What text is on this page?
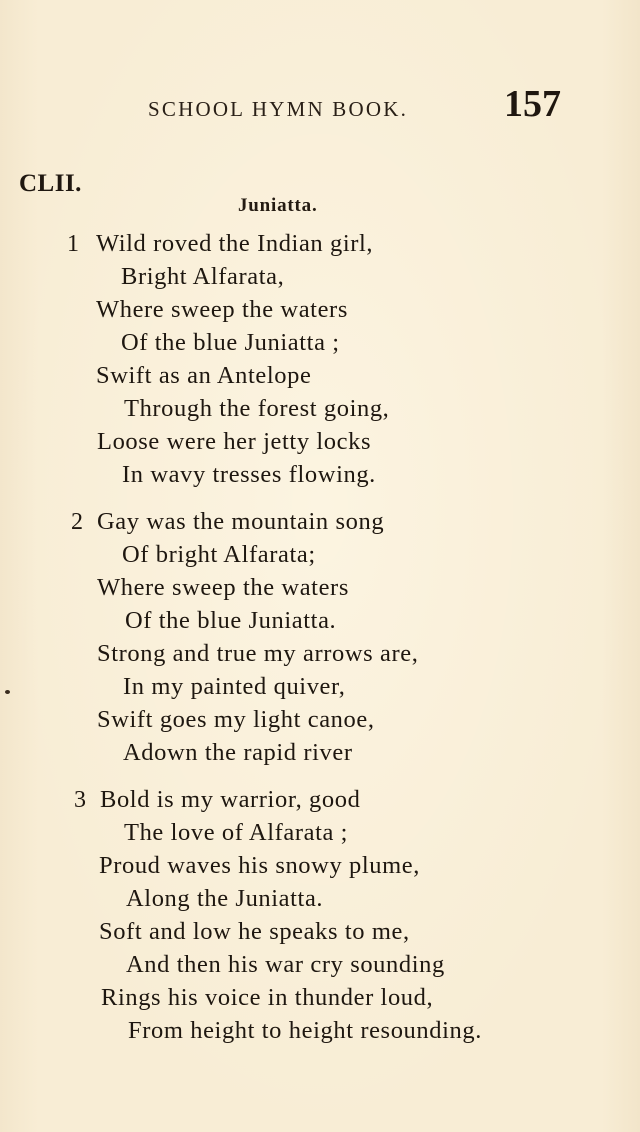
SCHOOL HYMN BOOK.	157
CLII.
Juniatta.
1 Wild roved the Indian girl,
Bright Alfarata,
Where sweep the waters
Of the blue Juniatta ;
Swift as an Antelope
Through the forest going,
Loose were her jetty locks
In wavy tresses flowing.
2 Gay was the mountain song
Of bright Alfarata;
Where sweep the waters
Of the blue Juniatta.
Strong and true my arrows are,
In my painted quiver,
Swift goes my light canoe,
Adown the rapid river
3 Bold is my warrior, good
The love of Alfarata ;
Proud waves his snowy plume,
Along the Juniatta.
Soft and low he speaks to me,
And then his war cry sounding
Rings his voice in thunder loud,
From height to height resounding.
